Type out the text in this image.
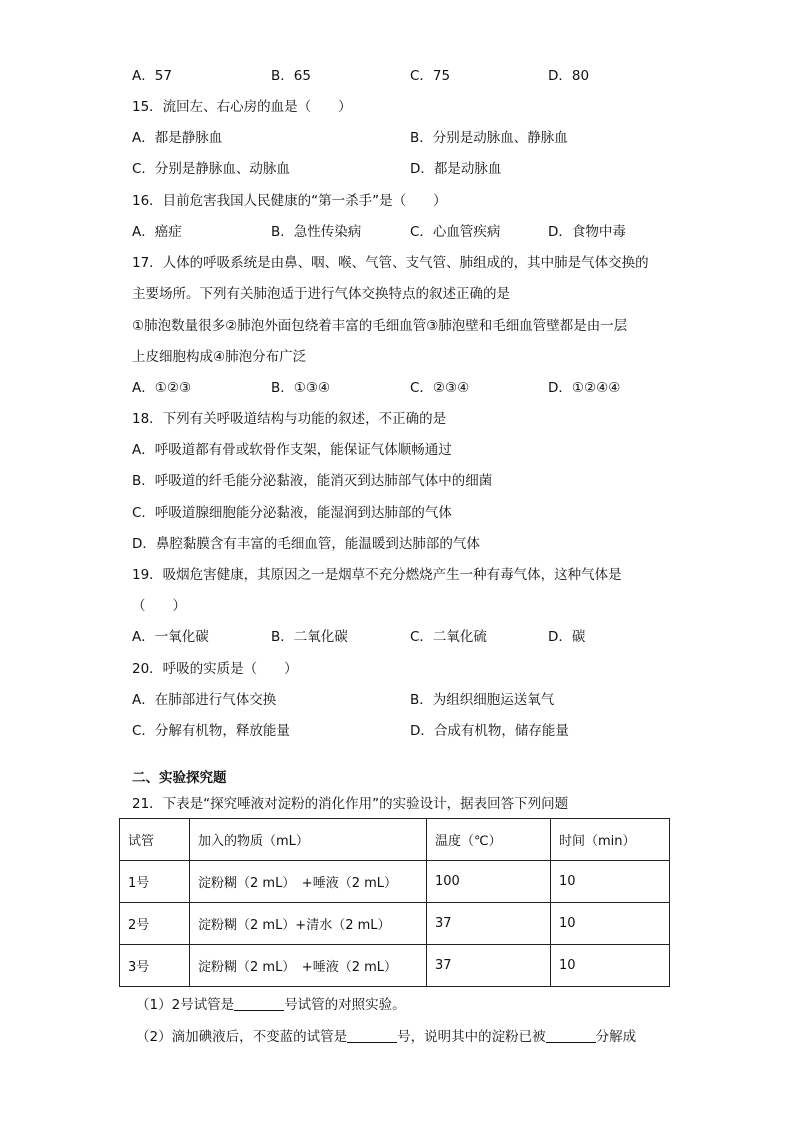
A．57	B．65	C．75	D．80
15．流回左、右心房的血是（　　）
A．都是静脉血	B．分别是动脉血、静脉血
C．分别是静脉血、动脉血	D．都是动脉血
16．目前危害我国人民健康的“第一杀手”是（　　）
A．癌症	B．急性传染病	C．心血管疾病	D．食物中毒
17．人体的呼吸系统是由鼻、咽、喉、气管、支气管、肺组成的，其中肺是气体交换的
主要场所。下列有关肺泡适于进行气体交换特点的叙述正确的是
①肺泡数量很多②肺泡外面包绕着丰富的毛细血管③肺泡壁和毛细血管壁都是由一层
上皮细胞构成④肺泡分布广泛
A．①②③	B．①③④	C．②③④	D．①②④④
18．下列有关呼吸道结构与功能的叙述，不正确的是
A．呼吸道都有骨或软骨作支架，能保证气体顺畅通过
B．呼吸道的纤毛能分泌黏液，能消灭到达肺部气体中的细菌
C．呼吸道腺细胞能分泌黏液，能湿润到达肺部的气体
D．鼻腔黏膜含有丰富的毛细血管，能温暖到达肺部的气体
19．吸烟危害健康，其原因之一是烟草不充分燃烧产生一种有毒气体，这种气体是
（　　）
A．一氧化碳	B．二氧化碳	C．二氧化硫	D．碳
20．呼吸的实质是（　　）
A．在肺部进行气体交换	B．为组织细胞运送氧气
C．分解有机物，释放能量	D．合成有机物，储存能量
二、实验探究题
21．下表是“探究唾液对淀粉的消化作用”的实验设计，据表回答下列问题
试管	加入的物质（mL）	温度（℃）	时间（min）
1号	淀粉糊（2 mL）　+唾液（2 mL）	100	10
2号	淀粉糊（2 mL）+清水（2 mL）	37	10
3号	淀粉糊（2 mL）　+唾液（2 mL）	37	10
（1）2号试管是	号试管的对照实验。
（2）滴加碘液后，不变蓝的试管是	号，说明其中的淀粉已被	分解成
